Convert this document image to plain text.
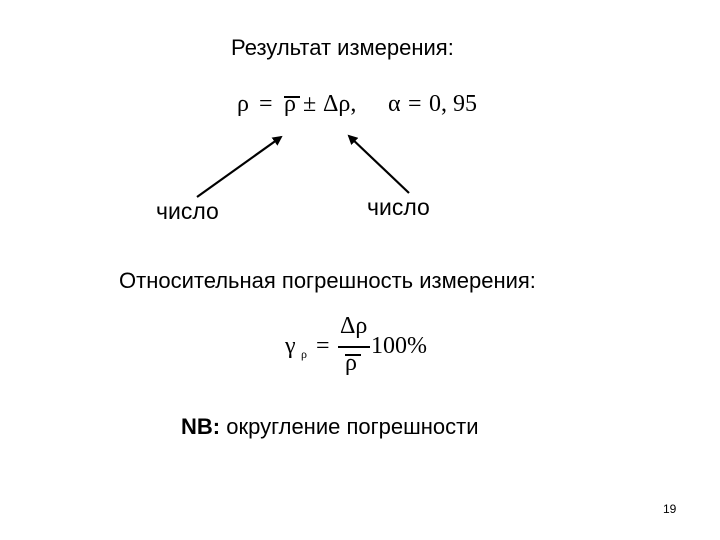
Результат измерения:
ρ = ρ ± Δρ, α = 0, 95
число	число
Относительная погрешность измерения:
γ ρ =
Δρ
ρ
100%
NB: округление погрешности
19
